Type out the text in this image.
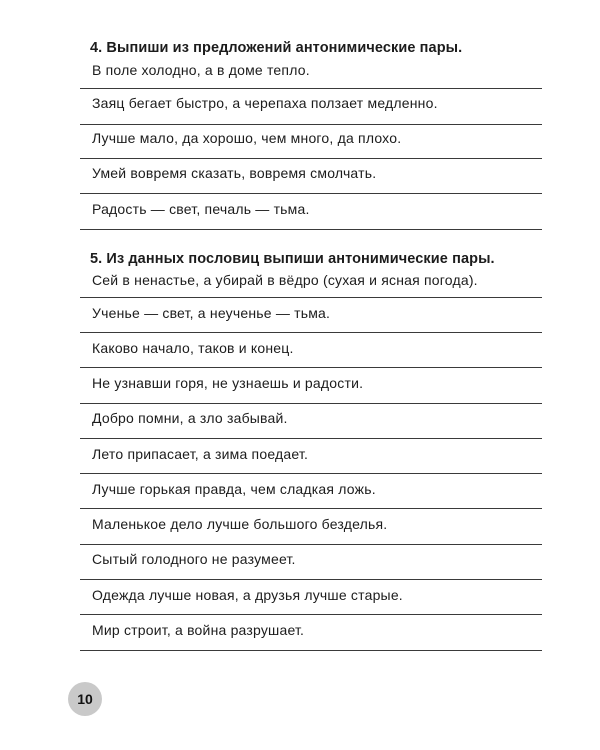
4. Выпиши из предложений антонимические пары.
В поле холодно, а в доме тепло.
Заяц бегает быстро, а черепаха ползает медленно.
Лучше мало, да хорошо, чем много, да плохо.
Умей вовремя сказать, вовремя смолчать.
Радость — свет, печаль — тьма.
5. Из данных пословиц выпиши антонимические пары.
Сей в ненастье, а убирай в вёдро (сухая и ясная погода).
Ученье — свет, а неученье — тьма.
Каково начало, таков и конец.
Не узнавши горя, не узнаешь и радости.
Добро помни, а зло забывай.
Лето припасает, а зима поедает.
Лучше горькая правда, чем сладкая ложь.
Маленькое дело лучше большого безделья.
Сытый голодного не разумеет.
Одежда лучше новая, а друзья лучше старые.
Мир строит, а война разрушает.
10
